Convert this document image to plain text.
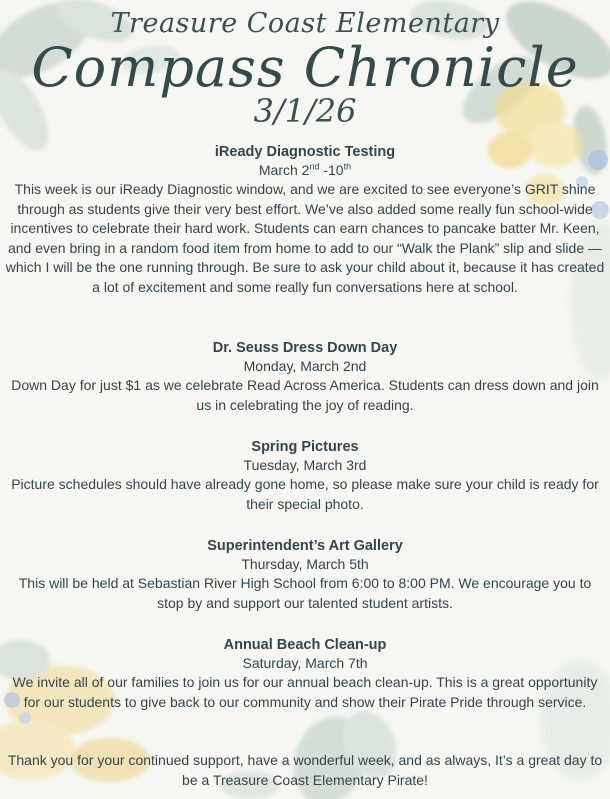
Treasure Coast Elementary
Compass Chronicle
3/1/26
iReady Diagnostic Testing
March 2nd -10th
This week is our iReady Diagnostic window, and we are excited to see everyone’s GRIT shine through as students give their very best effort. We’ve also added some really fun school-wide incentives to celebrate their hard work. Students can earn chances to pancake batter Mr. Keen, and even bring in a random food item from home to add to our “Walk the Plank” slip and slide — which I will be the one running through. Be sure to ask your child about it, because it has created a lot of excitement and some really fun conversations here at school.
Dr. Seuss Dress Down Day
Monday, March 2nd
Down Day for just $1 as we celebrate Read Across America. Students can dress down and join us in celebrating the joy of reading.
Spring Pictures
Tuesday, March 3rd
Picture schedules should have already gone home, so please make sure your child is ready for their special photo.
Superintendent’s Art Gallery
Thursday, March 5th
This will be held at Sebastian River High School from 6:00 to 8:00 PM. We encourage you to stop by and support our talented student artists.
Annual Beach Clean-up
Saturday, March 7th
We invite all of our families to join us for our annual beach clean-up. This is a great opportunity for our students to give back to our community and show their Pirate Pride through service.
Thank you for your continued support, have a wonderful week, and as always, It’s a great day to be a Treasure Coast Elementary Pirate!
